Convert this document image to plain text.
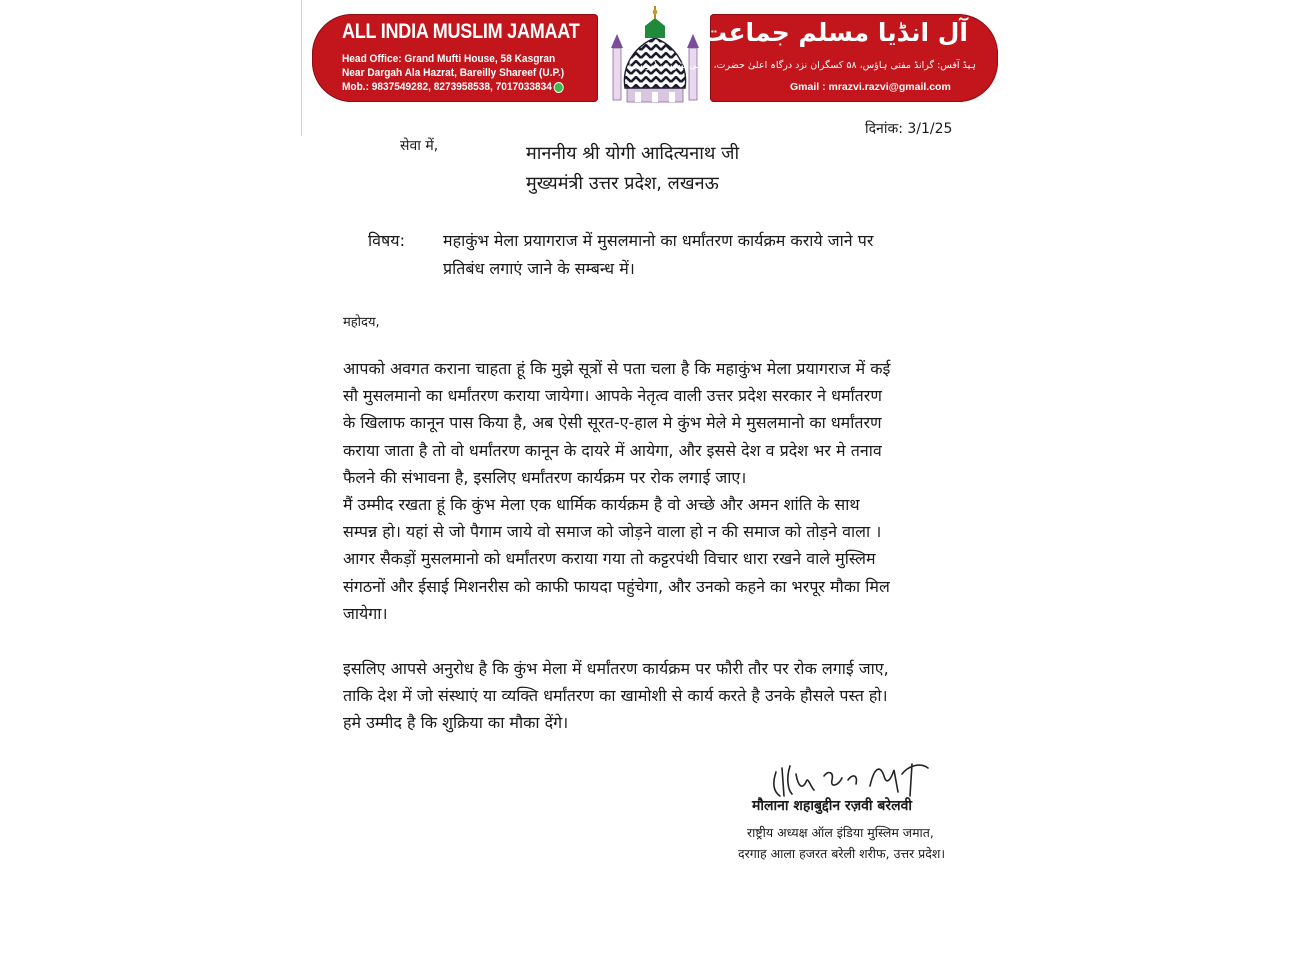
ALL INDIA MUSLIM JAMAAT
Head Office: Grand Mufti House, 58 Kasgran
Near Dargah Ala Hazrat, Bareilly Shareef (U.P.)
Mob.: 9837549282, 8273958538, 7017033834
آل انڈیا مسلم جماعت
ہیڈ آفس: گرانڈ مفتی ہاؤس، ۵۸ کسگران نزد درگاہ اعلیٰ حضرت، بریلی شریف (یو پی)
Gmail : mrazvi.razvi@gmail.com
दिनांक: 3/1/25
सेवा में,	माननीय श्री योगी आदित्यनाथ जी
मुख्यमंत्री उत्तर प्रदेश, लखनऊ
विषय: महाकुंभ मेला प्रयागराज में मुसलमानो का धर्मांतरण कार्यक्रम कराये जाने पर
प्रतिबंध लगाएं जाने के सम्बन्ध में।
महोदय,

आपको अवगत कराना चाहता हूं कि मुझे सूत्रों से पता चला है कि महाकुंभ मेला प्रयागराज में कई
सौ मुसलमानो का धर्मांतरण कराया जायेगा। आपके नेतृत्व वाली उत्तर प्रदेश सरकार ने धर्मांतरण
के खिलाफ कानून पास किया है, अब ऐसी सूरत-ए-हाल मे कुंभ मेले मे मुसलमानो का धर्मांतरण
कराया जाता है तो वो धर्मांतरण कानून के दायरे में आयेगा, और इससे देश व प्रदेश भर मे तनाव
फैलने की संभावना है, इसलिए धर्मांतरण कार्यक्रम पर रोक लगाई जाए।
मैं उम्मीद रखता हूं कि कुंभ मेला एक धार्मिक कार्यक्रम है वो अच्छे और अमन शांति के साथ
सम्पन्न हो। यहां से जो पैगाम जाये वो समाज को जोड़ने वाला हो न की समाज को तोड़ने वाला ।
आगर सैकड़ों मुसलमानो को धर्मांतरण कराया गया तो कट्टरपंथी विचार धारा रखने वाले मुस्लिम
संगठनों और ईसाई मिशनरीस को काफी फायदा पहुंचेगा, और उनको कहने का भरपूर मौका मिल
जायेगा।

इसलिए आपसे अनुरोध है कि कुंभ मेला में धर्मांतरण कार्यक्रम पर फौरी तौर पर रोक लगाई जाए,
ताकि देश में जो संस्थाएं या व्यक्ति धर्मांतरण का खामोशी से कार्य करते है उनके हौसले पस्त हो।
हमे उम्मीद है कि शुक्रिया का मौका देंगे।

मौलाना शहाबुद्दीन रज़वी बरेलवी
राष्ट्रीय अध्यक्ष ऑल इंडिया मुस्लिम जमात,
दरगाह आला हजरत बरेली शरीफ, उत्तर प्रदेश।
